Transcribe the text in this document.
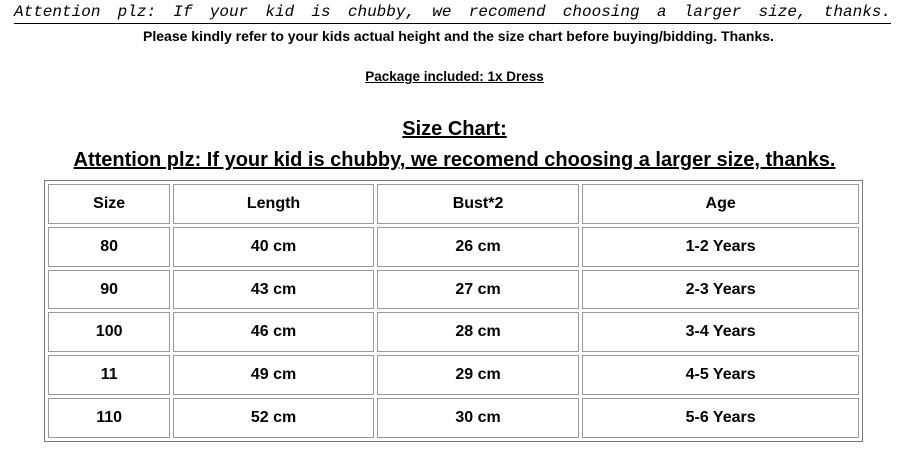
Attention plz: If your kid is chubby, we recomend choosing a larger size, thanks.
Please kindly refer to your kids actual height and the size chart before buying/bidding. Thanks.
Package included: 1x Dress
Size Chart:
Attention plz: If your kid is chubby, we recomend choosing a larger size, thanks.
Size	Length	Bust*2	Age
80	40 cm	26 cm	1-2 Years
90	43 cm	27 cm	2-3 Years
100	46 cm	28 cm	3-4 Years
11	49 cm	29 cm	4-5 Years
110	52 cm	30 cm	5-6 Years
